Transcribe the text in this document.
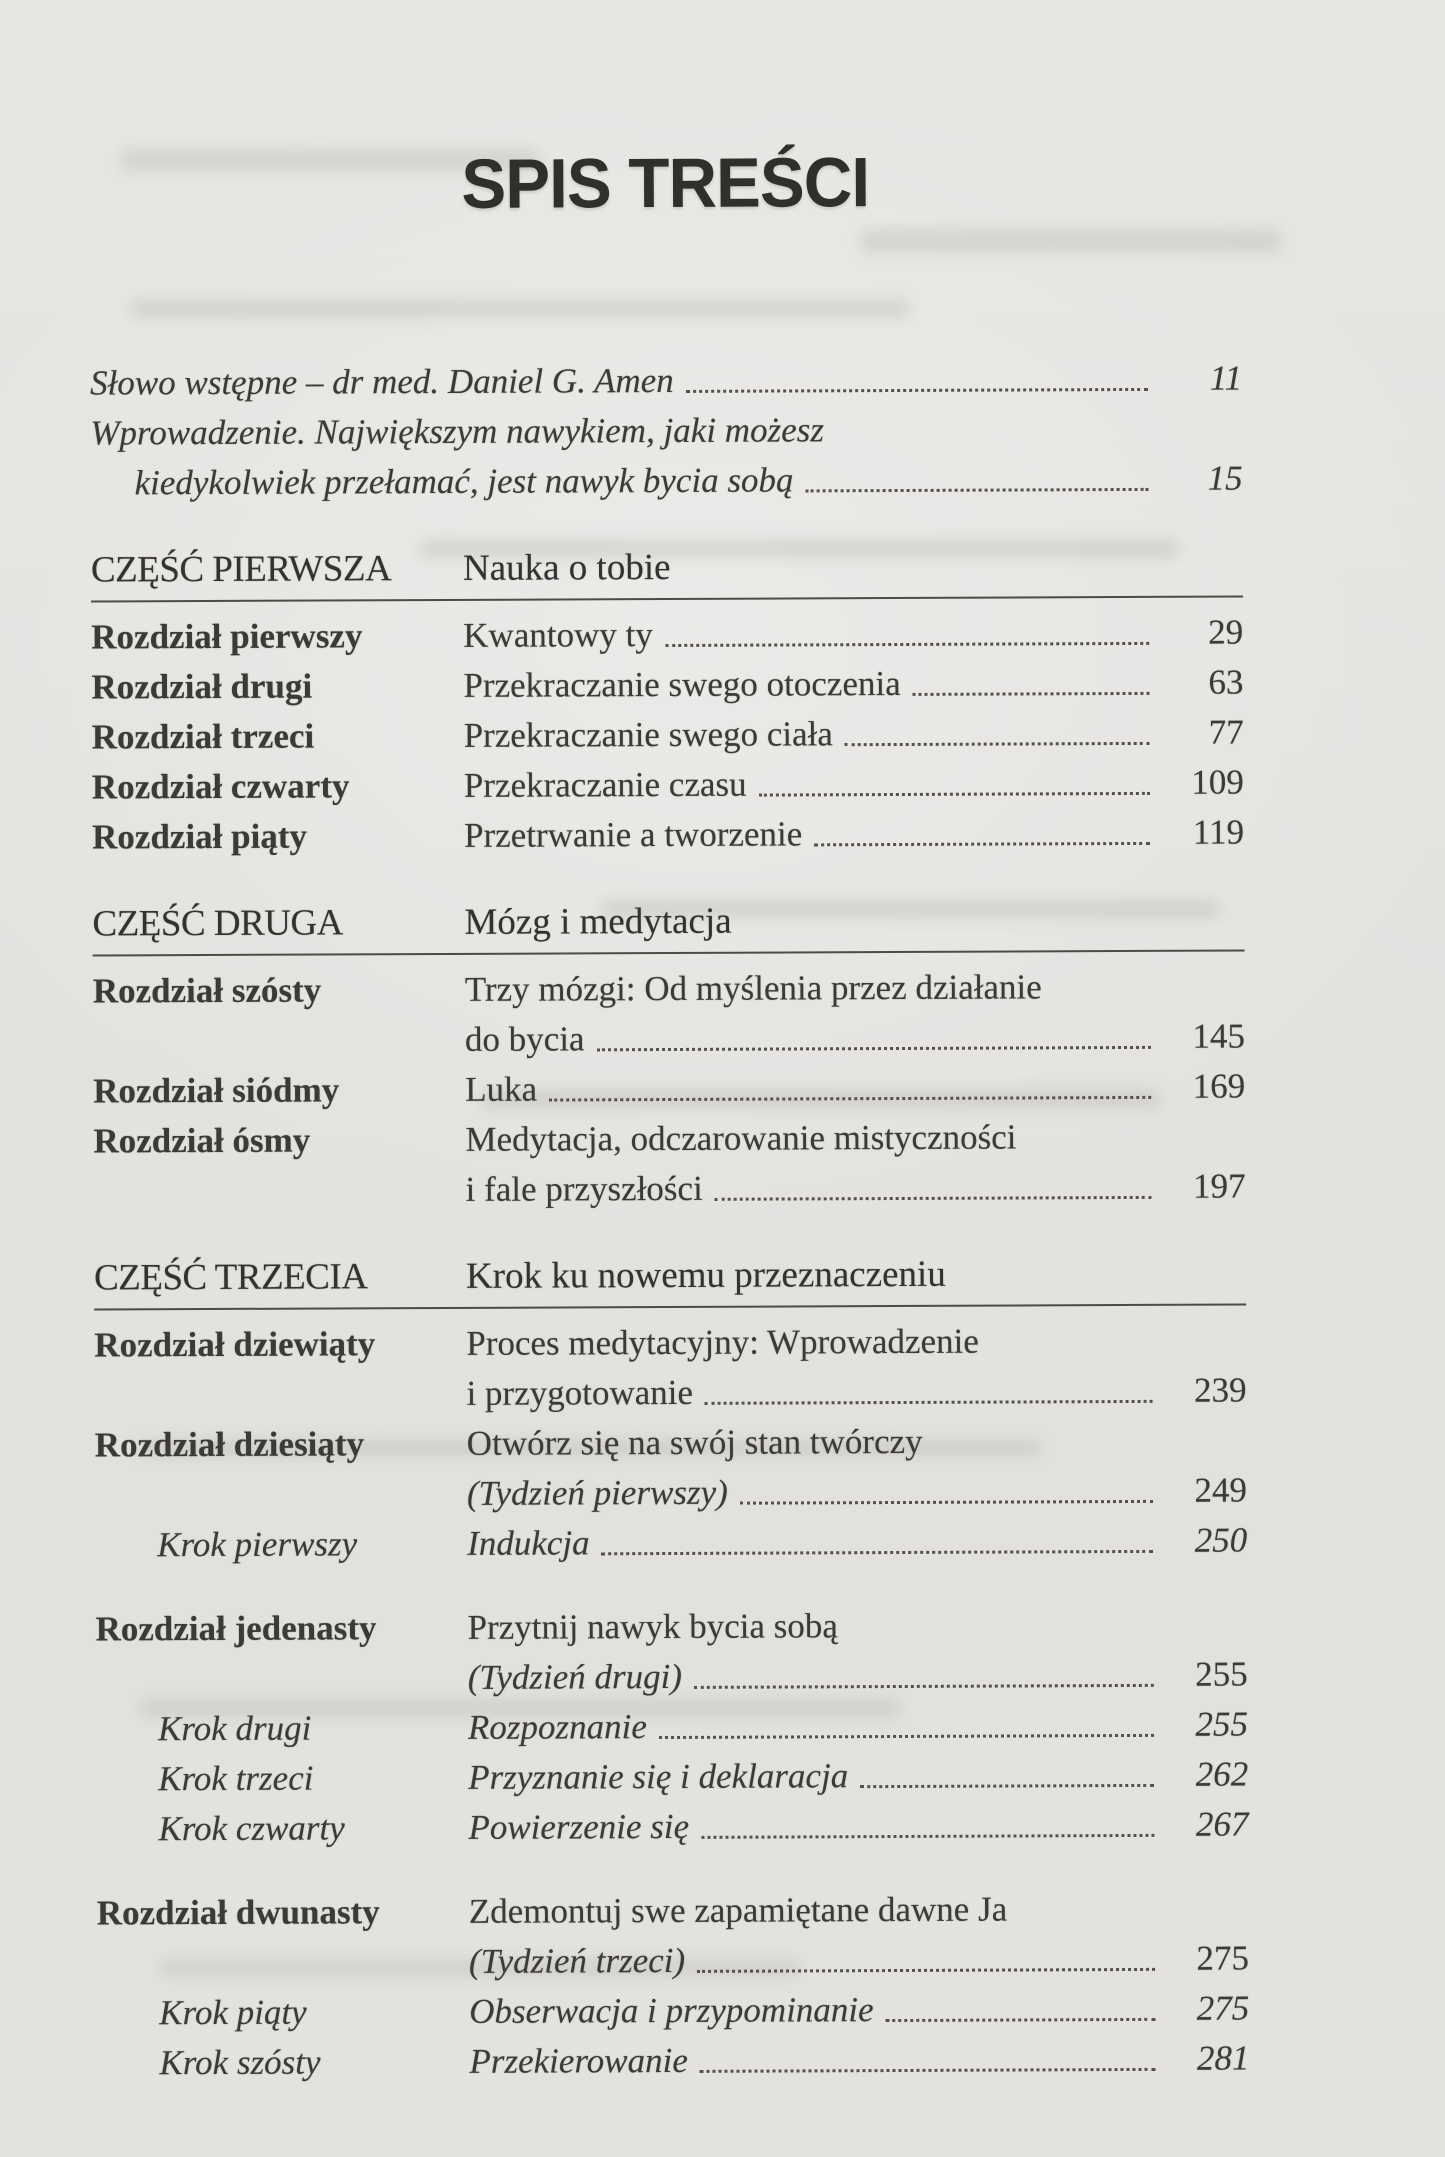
SPIS TREŚCI
Słowo wstępne – dr med. Daniel G. Amen	11
Wprowadzenie. Największym nawykiem, jaki możesz
kiedykolwiek przełamać, jest nawyk bycia sobą	15
CZĘŚĆ PIERWSZA	Nauka o tobie
Rozdział pierwszy	Kwantowy ty	29
Rozdział drugi	Przekraczanie swego otoczenia	63
Rozdział trzeci	Przekraczanie swego ciała	77
Rozdział czwarty	Przekraczanie czasu	109
Rozdział piąty	Przetrwanie a tworzenie	119
CZĘŚĆ DRUGA	Mózg i medytacja
Rozdział szósty	Trzy mózgi: Od myślenia przez działanie
do bycia	145
Rozdział siódmy	Luka	169
Rozdział ósmy	Medytacja, odczarowanie mistyczności
i fale przyszłości	197
CZĘŚĆ TRZECIA	Krok ku nowemu przeznaczeniu
Rozdział dziewiąty	Proces medytacyjny: Wprowadzenie
i przygotowanie	239
Rozdział dziesiąty	Otwórz się na swój stan twórczy
(Tydzień pierwszy)	249
Krok pierwszy	Indukcja	250
Rozdział jedenasty	Przytnij nawyk bycia sobą
(Tydzień drugi)	255
Krok drugi	Rozpoznanie	255
Krok trzeci	Przyznanie się i deklaracja	262
Krok czwarty	Powierzenie się	267
Rozdział dwunasty	Zdemontuj swe zapamiętane dawne Ja
(Tydzień trzeci)	275
Krok piąty	Obserwacja i przypominanie	275
Krok szósty	Przekierowanie	281
